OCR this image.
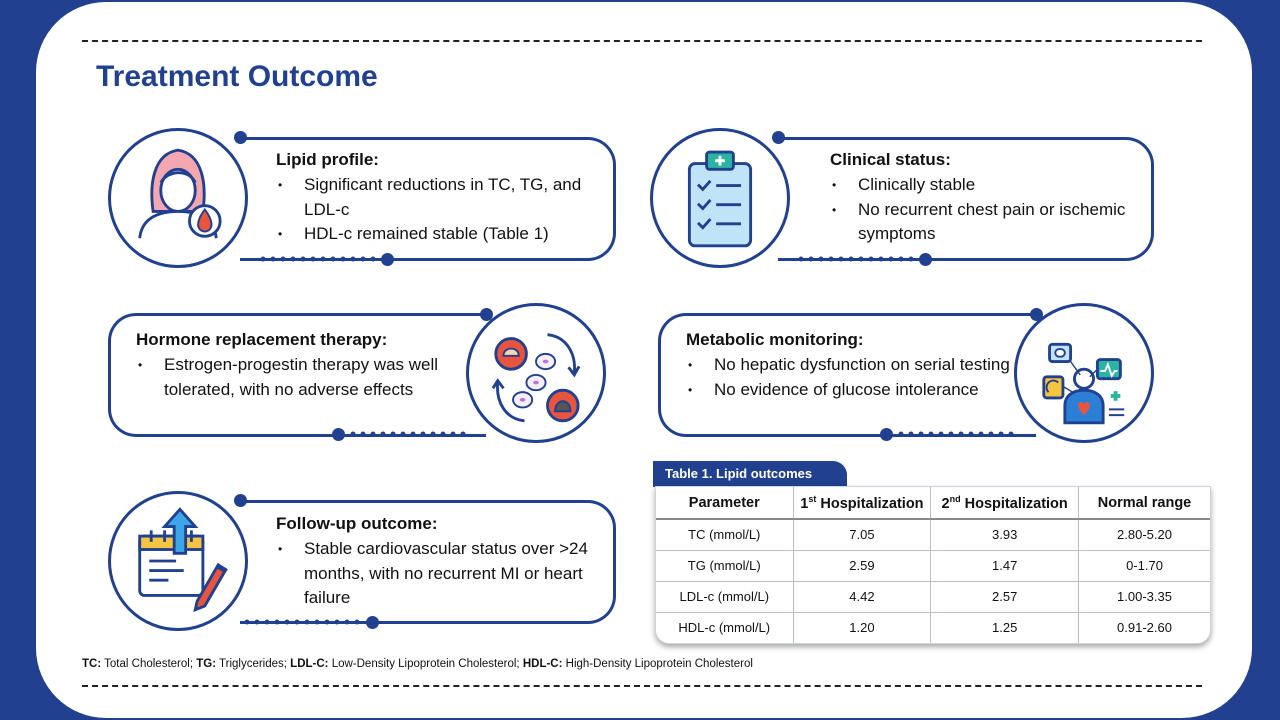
Treatment Outcome
Lipid profile:
• Significant reductions in TC, TG, and LDL-c
• HDL-c remained stable (Table 1)
Clinical status:
• Clinically stable
• No recurrent chest pain or ischemic symptoms
Hormone replacement therapy:
• Estrogen-progestin therapy was well tolerated, with no adverse effects
Metabolic monitoring:
• No hepatic dysfunction on serial testing
• No evidence of glucose intolerance
Follow-up outcome:
• Stable cardiovascular status over >24 months, with no recurrent MI or heart failure
Table 1. Lipid outcomes
Parameter	1st Hospitalization	2nd Hospitalization	Normal range
TC (mmol/L)	7.05	3.93	2.80-5.20
TG (mmol/L)	2.59	1.47	0-1.70
LDL-c (mmol/L)	4.42	2.57	1.00-3.35
HDL-c (mmol/L)	1.20	1.25	0.91-2.60
TC: Total Cholesterol; TG: Triglycerides; LDL-C: Low-Density Lipoprotein Cholesterol; HDL-C: High-Density Lipoprotein Cholesterol
